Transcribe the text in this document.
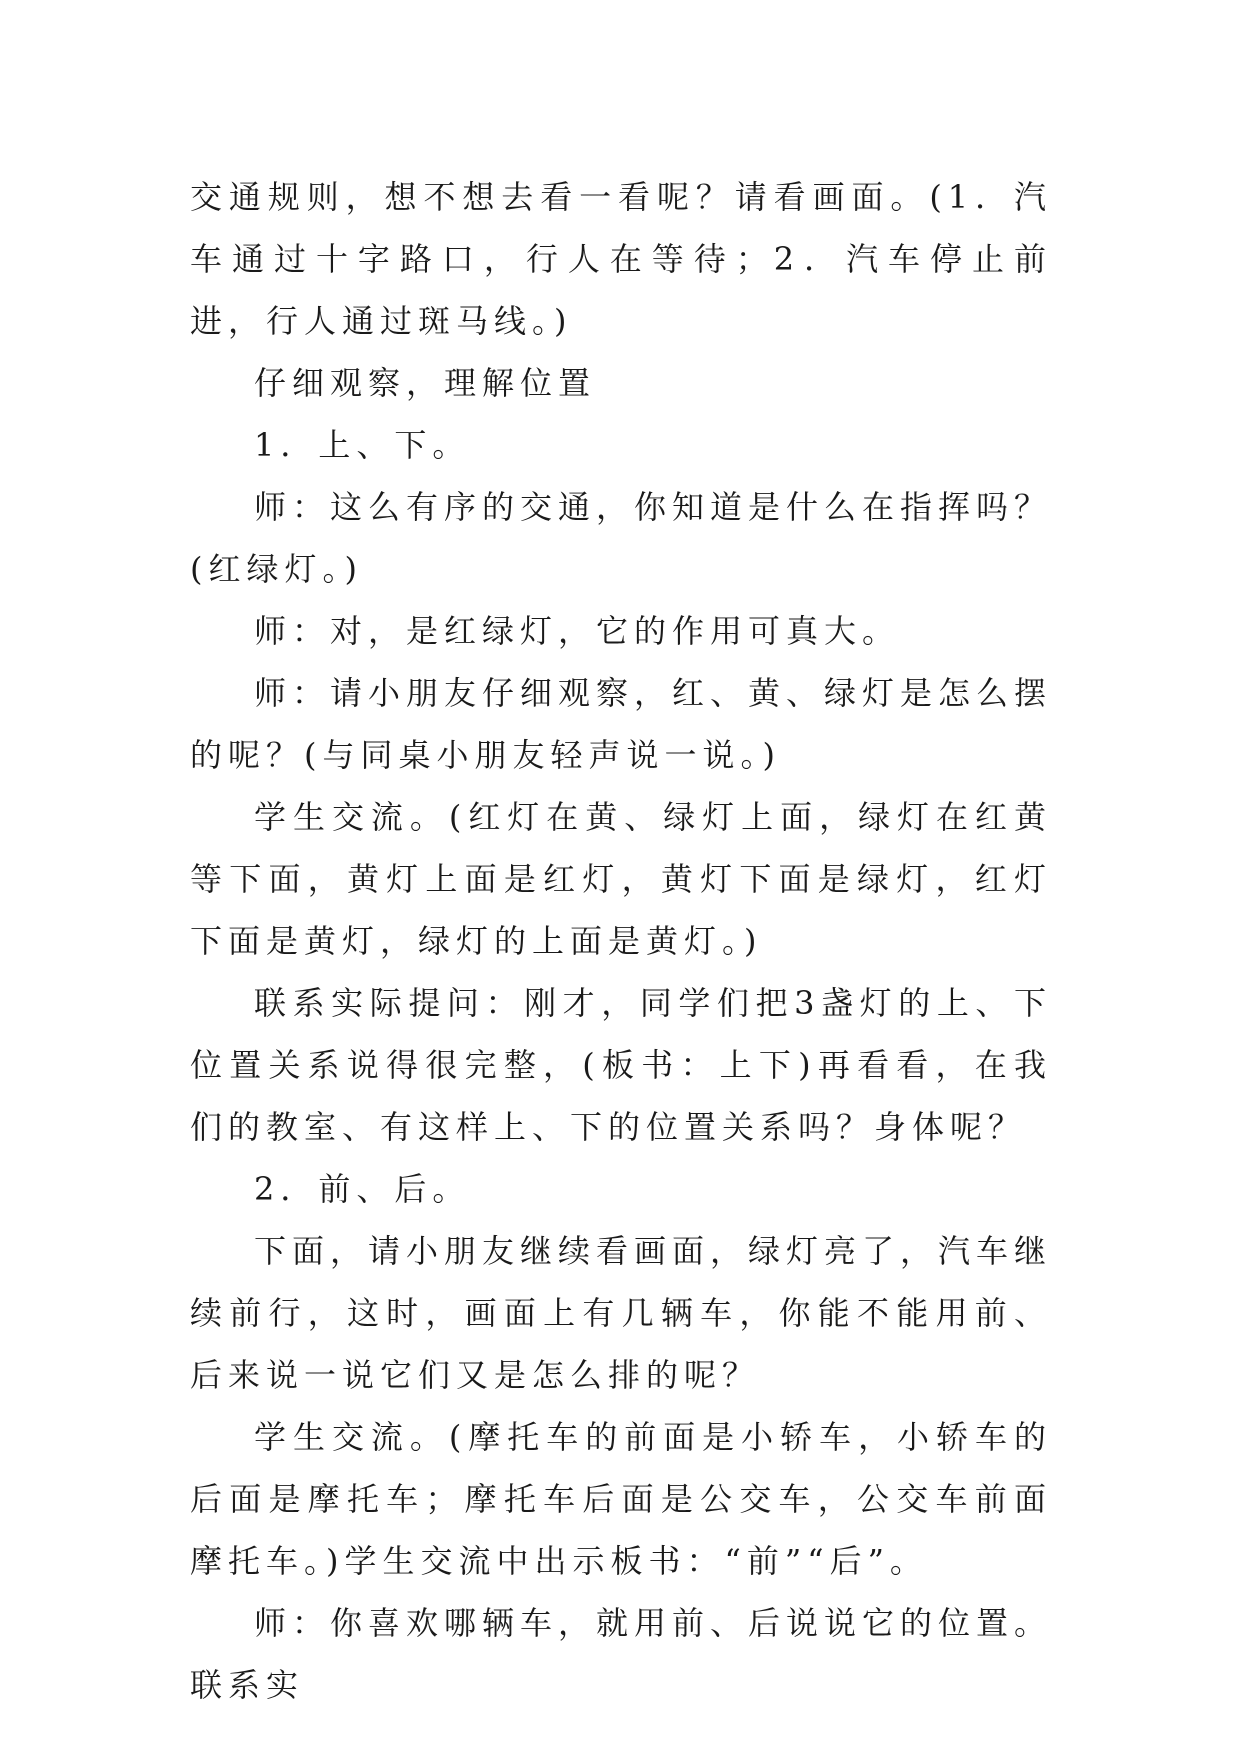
交通规则，想不想去看一看呢？请看画面。(1．汽车通过十字路口，行人在等待；2．汽车停止前进，行人通过斑马线。)

仔细观察，理解位置

1．上、下。

师：这么有序的交通，你知道是什么在指挥吗？(红绿灯。)

师：对，是红绿灯，它的作用可真大。

师：请小朋友仔细观察，红、黄、绿灯是怎么摆的呢？(与同桌小朋友轻声说一说。)

学生交流。(红灯在黄、绿灯上面，绿灯在红黄等下面，黄灯上面是红灯，黄灯下面是绿灯，红灯下面是黄灯，绿灯的上面是黄灯。)

联系实际提问：刚才，同学们把3盏灯的上、下位置关系说得很完整，(板书：上下)再看看，在我们的教室、有这样上、下的位置关系吗？身体呢？

2．前、后。

下面，请小朋友继续看画面，绿灯亮了，汽车继续前行，这时，画面上有几辆车，你能不能用前、后来说一说它们又是怎么排的呢？

学生交流。(摩托车的前面是小轿车，小轿车的后面是摩托车；摩托车后面是公交车，公交车前面摩托车。)学生交流中出示板书：“前”“后”。

师：你喜欢哪辆车，就用前、后说说它的位置。联系实
